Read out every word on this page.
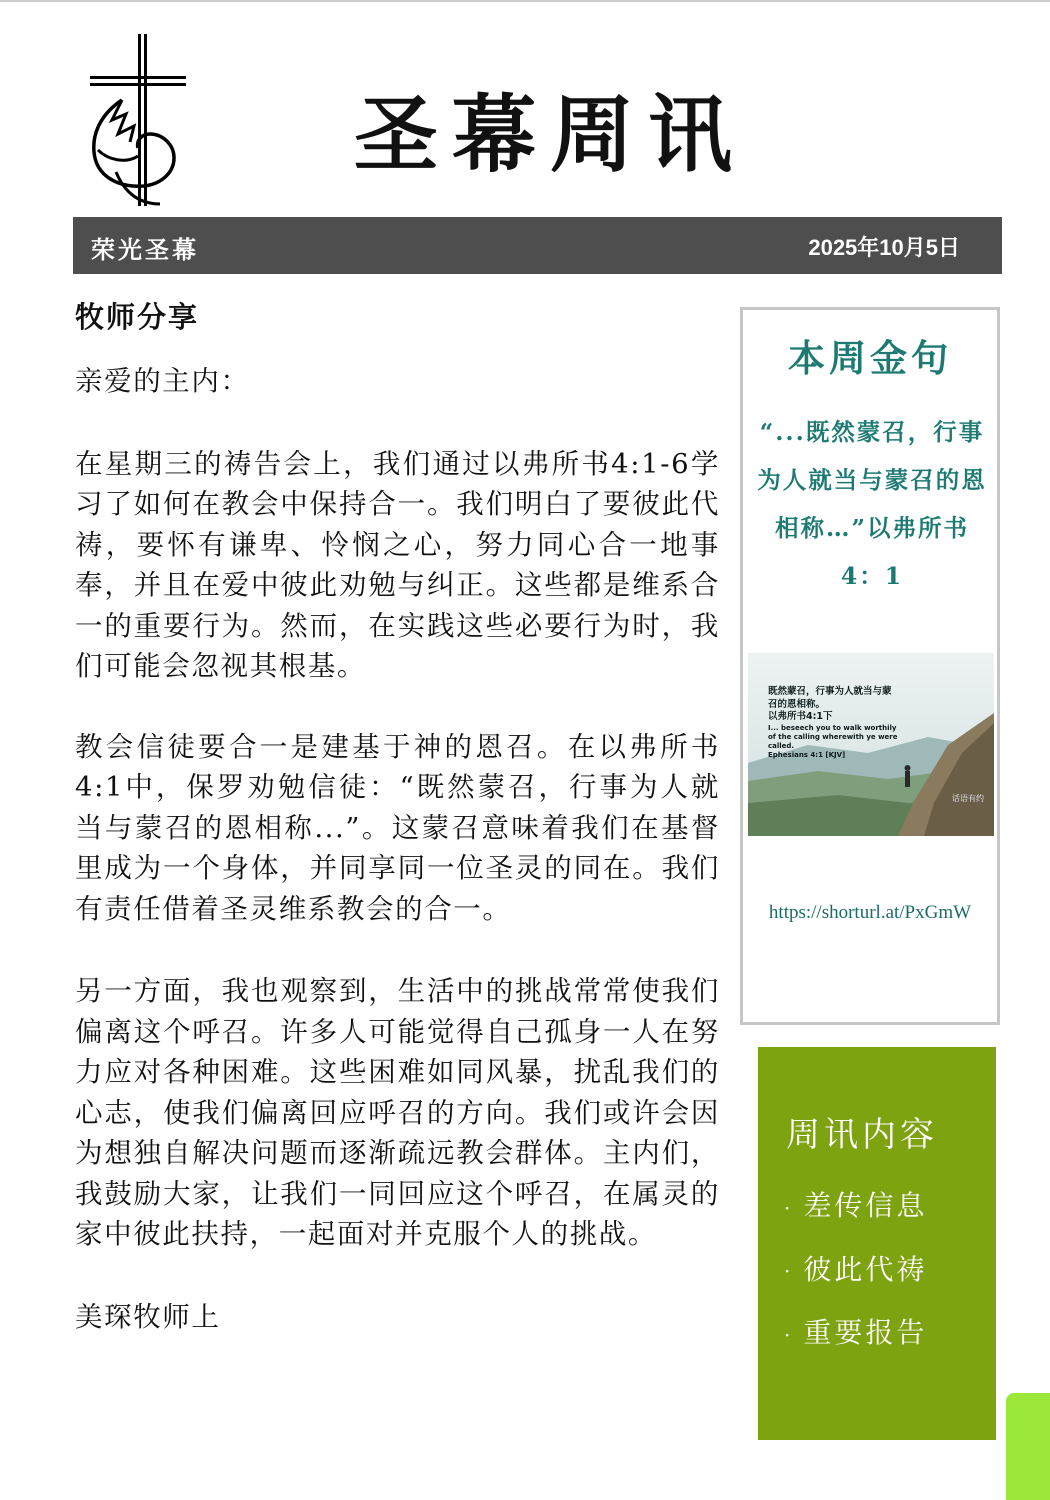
圣幕周讯
荣光圣幕	2025年10月5日
牧师分享

亲爱的主内：

在星期三的祷告会上，我们通过以弗所书4:1-6学习了如何在教会中保持合一。我们明白了要彼此代祷，要怀有谦卑、怜悯之心，努力同心合一地事奉，并且在爱中彼此劝勉与纠正。这些都是维系合一的重要行为。然而，在实践这些必要行为时，我们可能会忽视其根基。

教会信徒要合一是建基于神的恩召。在以弗所书4:1中，保罗劝勉信徒：“既然蒙召，行事为人就当与蒙召的恩相称...”。这蒙召意味着我们在基督里成为一个身体，并同享同一位圣灵的同在。我们有责任借着圣灵维系教会的合一。

另一方面，我也观察到，生活中的挑战常常使我们偏离这个呼召。许多人可能觉得自己孤身一人在努力应对各种困难。这些困难如同风暴，扰乱我们的心志，使我们偏离回应呼召的方向。我们或许会因为想独自解决问题而逐渐疏远教会群体。主内们，我鼓励大家，让我们一同回应这个呼召，在属灵的家中彼此扶持，一起面对并克服个人的挑战。

美琛牧师上

本周金句
“...既然蒙召，行事为人就当与蒙召的恩相称…”以弗所书4：1
既然蒙召，行事为人就当与蒙召的恩相称。
以弗所书4:1下
I... beseech you to walk worthily of the calling wherewith ye were called.
Ephesians 4:1 [KJV]
话语有约
https://shorturl.at/PxGmW
周讯内容
· 差传信息
· 彼此代祷
· 重要报告
